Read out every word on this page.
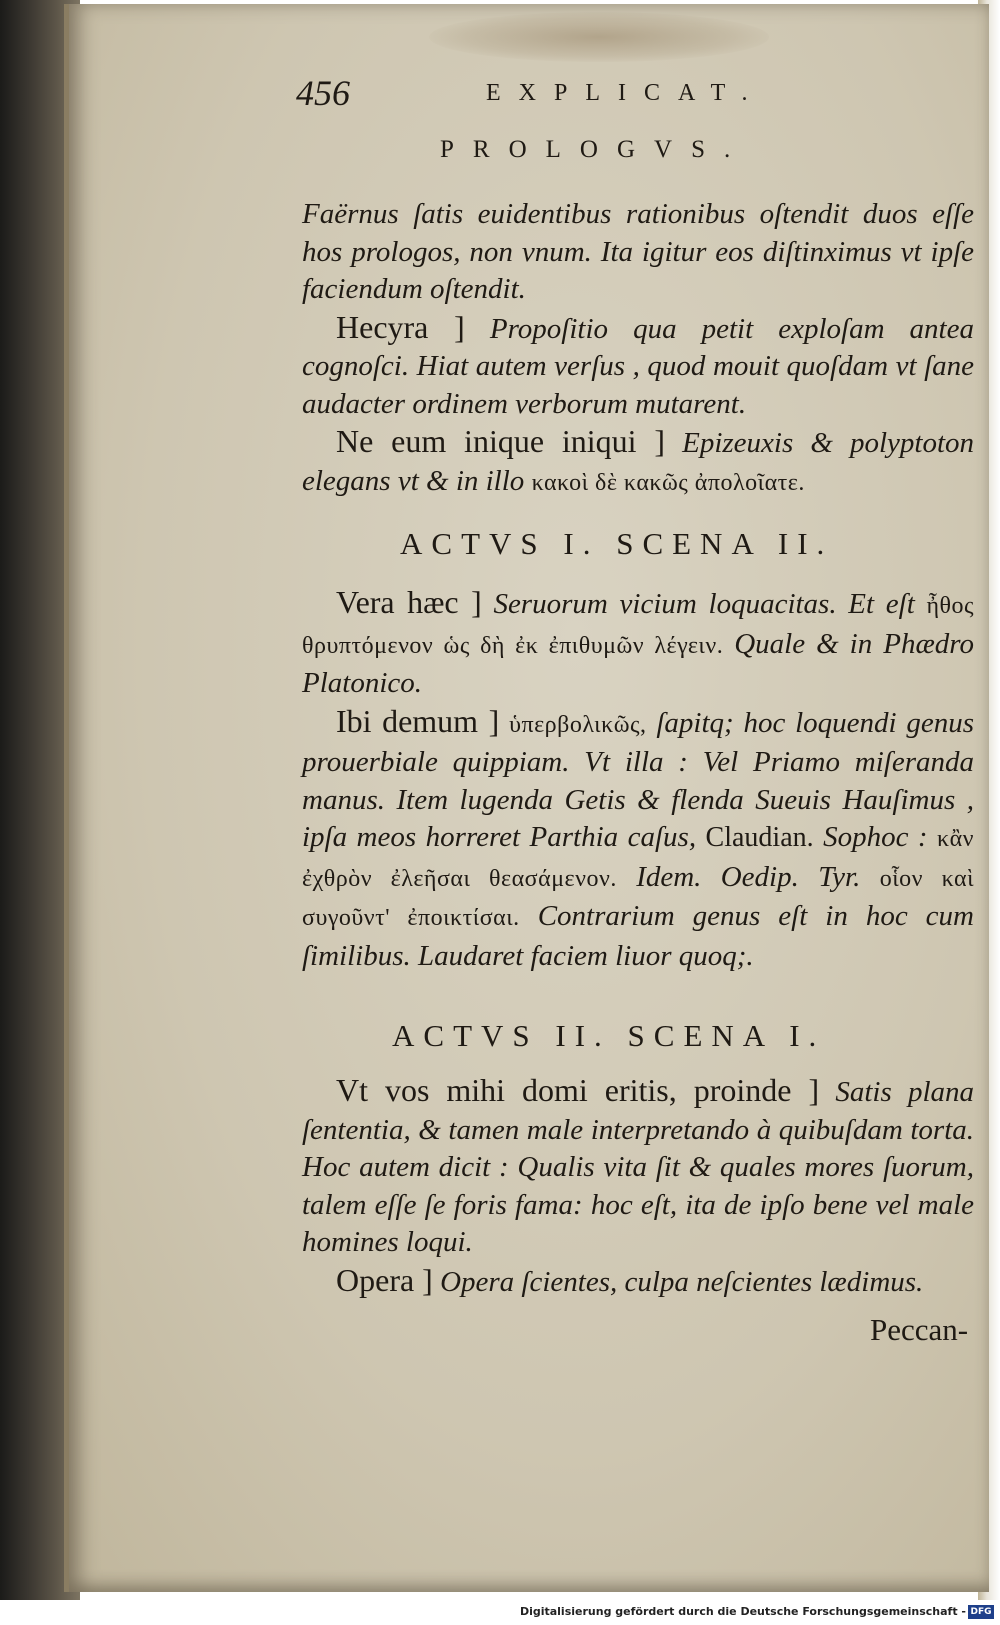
456	EXPLICAT.
PROLOGVS.

Faërnus ſatis euidentibus rationibus oſtendit duos eſſe hos prologos, non vnum. Ita igitur eos diſtinximus vt ipſe faciendum oſtendit.

Hecyra ] Propoſitio qua petit exploſam antea cognoſci. Hiat autem verſus , quod mouit quoſdam vt ſane audacter ordinem verborum mutarent.

Ne eum inique iniqui ] Epizeuxis & polyptoton elegans vt & in illo κακοὶ δὲ κακῶς ἀπολοῖατε.

ACTVS I. SCENA II.

Vera hæc ] Seruorum vicium loquacitas. Et eſt ἦθος θρυπτόμενον ὡς δὴ ἐκ ἐπιθυμῶν λέγειν. Quale & in Phædro Platonico.

Ibi demum ] ὑπερβολικῶς, ſapitq; hoc loquendi genus prouerbiale quippiam. Vt illa : Vel Priamo miſeranda manus. Item lugenda Getis & flenda Sueuis Hauſimus , ipſa meos horreret Parthia caſus, Claudian. Sophoc : κἂν ἐχθρὸν ἐλεῆσαι θεασάμενον. Idem. Oedip. Tyr. οἷον καὶ συγοῦντ' ἐποικτίσαι. Contrarium genus eſt in hoc cum ſimilibus. Laudaret faciem liuor quoq;.

ACTVS II. SCENA I.

Vt vos mihi domi eritis, proinde ] Satis plana ſententia, & tamen male interpretando à quibuſdam torta. Hoc autem dicit : Qualis vita ſit & quales mores ſuorum, talem eſſe ſe foris fama: hoc eſt, ita de ipſo bene vel male homines loqui.

Opera ] Opera ſcientes, culpa neſcientes lædimus.

Peccan-
Digitalisierung gefördert durch die Deutsche Forschungsgemeinschaft - DFG
